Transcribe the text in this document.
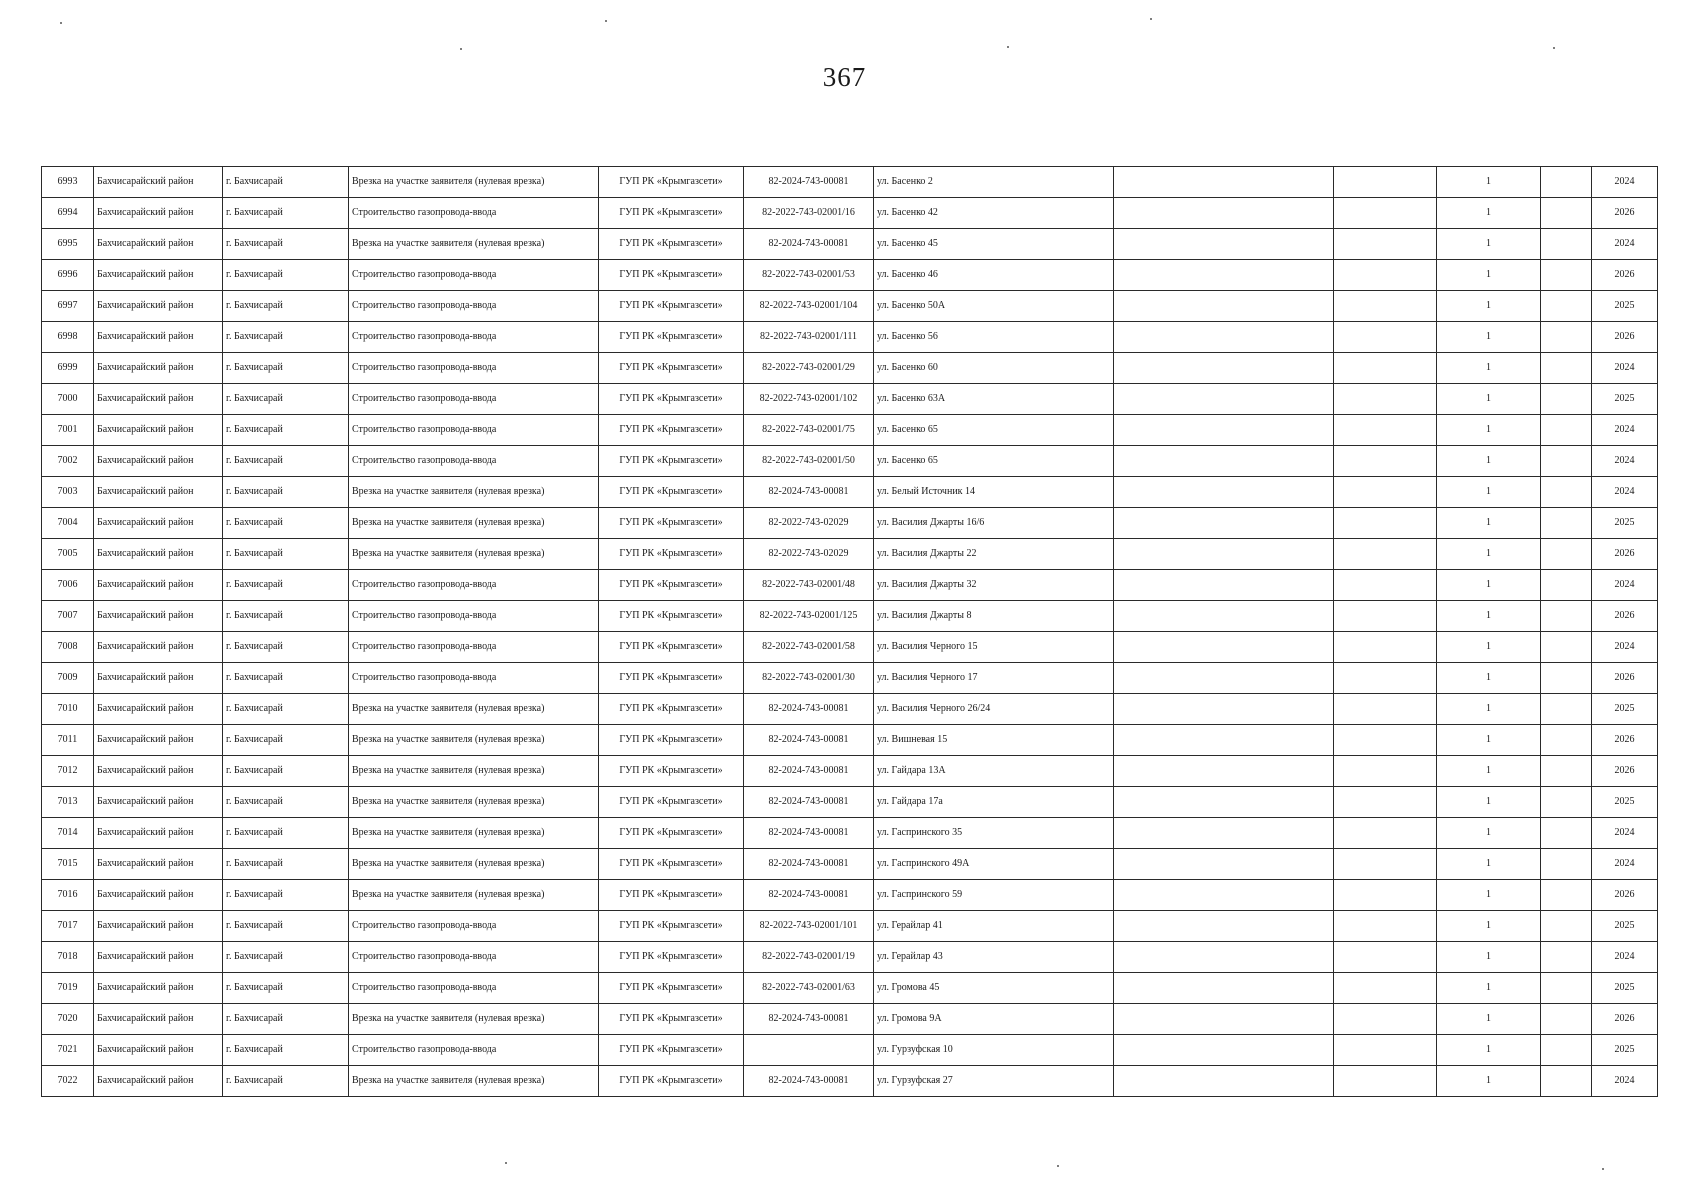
367
6993	Бахчисарайский район	г. Бахчисарай	Врезка на участке заявителя (нулевая врезка)	ГУП РК «Крымгазсети»	82-2024-743-00081	ул. Басенко 2			1		2024	
6994	Бахчисарайский район	г. Бахчисарай	Строительство газопровода-ввода	ГУП РК «Крымгазсети»	82-2022-743-02001/16	ул. Басенко 42			1		2026	
6995	Бахчисарайский район	г. Бахчисарай	Врезка на участке заявителя (нулевая врезка)	ГУП РК «Крымгазсети»	82-2024-743-00081	ул. Басенко 45			1		2024	
6996	Бахчисарайский район	г. Бахчисарай	Строительство газопровода-ввода	ГУП РК «Крымгазсети»	82-2022-743-02001/53	ул. Басенко 46			1		2026	
6997	Бахчисарайский район	г. Бахчисарай	Строительство газопровода-ввода	ГУП РК «Крымгазсети»	82-2022-743-02001/104	ул. Басенко 50А			1		2025	
6998	Бахчисарайский район	г. Бахчисарай	Строительство газопровода-ввода	ГУП РК «Крымгазсети»	82-2022-743-02001/111	ул. Басенко 56			1		2026	
6999	Бахчисарайский район	г. Бахчисарай	Строительство газопровода-ввода	ГУП РК «Крымгазсети»	82-2022-743-02001/29	ул. Басенко 60			1		2024	
7000	Бахчисарайский район	г. Бахчисарай	Строительство газопровода-ввода	ГУП РК «Крымгазсети»	82-2022-743-02001/102	ул. Басенко 63А			1		2025	
7001	Бахчисарайский район	г. Бахчисарай	Строительство газопровода-ввода	ГУП РК «Крымгазсети»	82-2022-743-02001/75	ул. Басенко 65			1		2024	
7002	Бахчисарайский район	г. Бахчисарай	Строительство газопровода-ввода	ГУП РК «Крымгазсети»	82-2022-743-02001/50	ул. Басенко 65			1		2024	
7003	Бахчисарайский район	г. Бахчисарай	Врезка на участке заявителя (нулевая врезка)	ГУП РК «Крымгазсети»	82-2024-743-00081	ул. Белый Источник 14			1		2024	
7004	Бахчисарайский район	г. Бахчисарай	Врезка на участке заявителя (нулевая врезка)	ГУП РК «Крымгазсети»	82-2022-743-02029	ул. Василия Джарты 16/6			1		2025	
7005	Бахчисарайский район	г. Бахчисарай	Врезка на участке заявителя (нулевая врезка)	ГУП РК «Крымгазсети»	82-2022-743-02029	ул. Василия Джарты 22			1		2026	
7006	Бахчисарайский район	г. Бахчисарай	Строительство газопровода-ввода	ГУП РК «Крымгазсети»	82-2022-743-02001/48	ул. Василия Джарты 32			1		2024	
7007	Бахчисарайский район	г. Бахчисарай	Строительство газопровода-ввода	ГУП РК «Крымгазсети»	82-2022-743-02001/125	ул. Василия Джарты 8			1		2026	
7008	Бахчисарайский район	г. Бахчисарай	Строительство газопровода-ввода	ГУП РК «Крымгазсети»	82-2022-743-02001/58	ул. Василия Черного 15			1		2024	
7009	Бахчисарайский район	г. Бахчисарай	Строительство газопровода-ввода	ГУП РК «Крымгазсети»	82-2022-743-02001/30	ул. Василия Черного 17			1		2026	
7010	Бахчисарайский район	г. Бахчисарай	Врезка на участке заявителя (нулевая врезка)	ГУП РК «Крымгазсети»	82-2024-743-00081	ул. Василия Черного 26/24			1		2025	
7011	Бахчисарайский район	г. Бахчисарай	Врезка на участке заявителя (нулевая врезка)	ГУП РК «Крымгазсети»	82-2024-743-00081	ул. Вишневая 15			1		2026	
7012	Бахчисарайский район	г. Бахчисарай	Врезка на участке заявителя (нулевая врезка)	ГУП РК «Крымгазсети»	82-2024-743-00081	ул. Гайдара 13А			1		2026	
7013	Бахчисарайский район	г. Бахчисарай	Врезка на участке заявителя (нулевая врезка)	ГУП РК «Крымгазсети»	82-2024-743-00081	ул. Гайдара 17а			1		2025	
7014	Бахчисарайский район	г. Бахчисарай	Врезка на участке заявителя (нулевая врезка)	ГУП РК «Крымгазсети»	82-2024-743-00081	ул. Гаспринского 35			1		2024	
7015	Бахчисарайский район	г. Бахчисарай	Врезка на участке заявителя (нулевая врезка)	ГУП РК «Крымгазсети»	82-2024-743-00081	ул. Гаспринского 49А			1		2024	
7016	Бахчисарайский район	г. Бахчисарай	Врезка на участке заявителя (нулевая врезка)	ГУП РК «Крымгазсети»	82-2024-743-00081	ул. Гаспринского 59			1		2026	
7017	Бахчисарайский район	г. Бахчисарай	Строительство газопровода-ввода	ГУП РК «Крымгазсети»	82-2022-743-02001/101	ул. Герайлар 41			1		2025	
7018	Бахчисарайский район	г. Бахчисарай	Строительство газопровода-ввода	ГУП РК «Крымгазсети»	82-2022-743-02001/19	ул. Герайлар 43			1		2024	
7019	Бахчисарайский район	г. Бахчисарай	Строительство газопровода-ввода	ГУП РК «Крымгазсети»	82-2022-743-02001/63	ул. Громова 45			1		2025	
7020	Бахчисарайский район	г. Бахчисарай	Врезка на участке заявителя (нулевая врезка)	ГУП РК «Крымгазсети»	82-2024-743-00081	ул. Громова 9А			1		2026	
7021	Бахчисарайский район	г. Бахчисарай	Строительство газопровода-ввода	ГУП РК «Крымгазсети»		ул. Гурзуфская 10			1		2025	
7022	Бахчисарайский район	г. Бахчисарай	Врезка на участке заявителя (нулевая врезка)	ГУП РК «Крымгазсети»	82-2024-743-00081	ул. Гурзуфская 27			1		2024	
